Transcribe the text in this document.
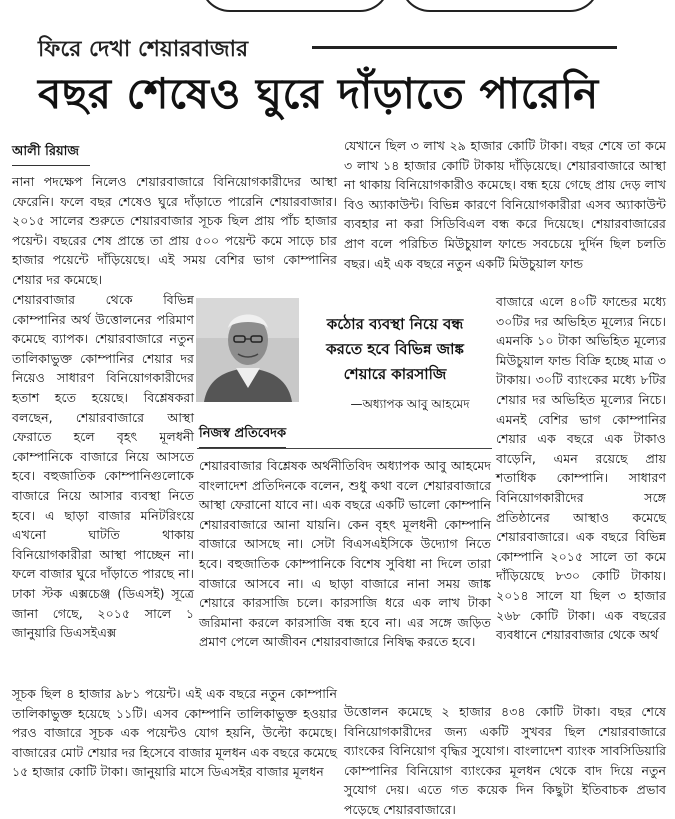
ফিরে দেখা শেয়ারবাজার
বছর শেষেও ঘুরে দাঁড়াতে পারেনি
আলী রিয়াজ
নানা পদক্ষেপ নিলেও শেয়ারবাজারে বিনিয়োগকারীদের আস্থা ফেরেনি। ফলে বছর শেষেও ঘুরে দাঁড়াতে পারেনি শেয়ারবাজার। ২০১৫ সালের শুরুতে শেয়ারবাজার সূচক ছিল প্রায় পাঁচ হাজার পয়েন্ট। বছরের শেষ প্রান্তে তা প্রায় ৫০০ পয়েন্ট কমে সাড়ে চার হাজার পয়েন্টে দাঁড়িয়েছে। এই সময় বেশির ভাগ কোম্পানির শেয়ার দর কমেছে।
শেয়ারবাজার থেকে বিভিন্ন কোম্পানির অর্থ উত্তোলনের পরিমাণ কমেছে ব্যাপক। শেয়ারবাজারে নতুন তালিকাভুক্ত কোম্পানির শেয়ার দর নিয়েও সাধারণ বিনিয়োগকারীদের হতাশ হতে হয়েছে। বিশ্লেষকরা বলছেন, শেয়ারবাজারে আস্থা ফেরাতে হলে বৃহৎ মূলধনী কোম্পানিকে বাজারে নিয়ে আসতে হবে। বহুজাতিক কোম্পানিগুলোকে বাজারে নিয়ে আসার ব্যবস্থা নিতে হবে। এ ছাড়া বাজার মনিটরিংয়ে এখনো ঘাটতি থাকায় বিনিয়োগকারীরা আস্থা পাচ্ছেন না। ফলে বাজার ঘুরে দাঁড়াতে পারছে না। ঢাকা স্টক এক্সচেঞ্জ (ডিএসই) সূত্রে জানা গেছে, ২০১৫ সালে ১ জানুয়ারি ডিএসইএক্স
সূচক ছিল ৪ হাজার ৯৮১ পয়েন্ট। এই এক বছরে নতুন কোম্পানি তালিকাভুক্ত হয়েছে ১১টি। এসব কোম্পানি তালিকাভুক্ত হওয়ার পরও বাজারে সূচক এক পয়েন্টও যোগ হয়নি, উল্টো কমেছে। বাজারের মোট শেয়ার দর হিসেবে বাজার মূলধন এক বছরে কমেছে ১৫ হাজার কোটি টাকা। জানুয়ারি মাসে ডিএসইর বাজার মূলধন
যেখানে ছিল ৩ লাখ ২৯ হাজার কোটি টাকা। বছর শেষে তা কমে ৩ লাখ ১৪ হাজার কোটি টাকায় দাঁড়িয়েছে। শেয়ারবাজারে আস্থা না থাকায় বিনিয়োগকারীও কমেছে। বন্ধ হয়ে গেছে প্রায় দেড় লাখ বিও অ্যাকাউন্ট। বিভিন্ন কারণে বিনিয়োগকারীরা এসব অ্যাকাউন্ট ব্যবহার না করা সিডিবিএল বন্ধ করে দিয়েছে। শেয়ারবাজারের প্রাণ বলে পরিচিত মিউচুয়াল ফান্ডে সবচেয়ে দুর্দিন ছিল চলতি বছর। এই এক বছরে নতুন একটি মিউচুয়াল ফান্ড
বাজারে এলে ৪০টি ফান্ডের মধ্যে ৩০টির দর অভিহিত মূল্যের নিচে। এমনকি ১০ টাকা অভিহিত মূল্যের মিউচুয়াল ফান্ড বিক্রি হচ্ছে মাত্র ৩ টাকায়। ৩০টি ব্যাংকের মধ্যে ৮টির শেয়ার দর অভিহিত মূল্যের নিচে। এমনই বেশির ভাগ কোম্পানির শেয়ার এক বছরে এক টাকাও বাড়েনি, এমন রয়েছে প্রায় শতাধিক কোম্পানি। সাধারণ বিনিয়োগকারীদের সঙ্গে প্রতিষ্ঠানের আস্থাও কমেছে শেয়ারবাজারে। এক বছরে বিভিন্ন কোম্পানি ২০১৫ সালে তা কমে দাঁড়িয়েছে ৮৩০ কোটি টাকায়। ২০১৪ সালে যা ছিল ৩ হাজার ২৬৮ কোটি টাকা। এক বছরের ব্যবধানে শেয়ারবাজার থেকে অর্থ
উত্তোলন কমেছে ২ হাজার ৪৩৪ কোটি টাকা। বছর শেষে বিনিয়োগকারীদের জন্য একটি সুখবর ছিল শেয়ারবাজারে ব্যাংকের বিনিয়োগ বৃদ্ধির সুযোগ। বাংলাদেশ ব্যাংক সাবসিডিয়ারি কোম্পানির বিনিয়োগ ব্যাংকের মূলধন থেকে বাদ দিয়ে নতুন সুযোগ দেয়। এতে গত কয়েক দিন কিছুটা ইতিবাচক প্রভাব পড়েছে শেয়ারবাজারে।
কঠোর ব্যবস্থা নিয়ে বন্ধ করতে হবে বিভিন্ন জাঙ্ক শেয়ারে কারসাজি
—অধ্যাপক আবু আহমেদ
নিজস্ব প্রতিবেদক
শেয়ারবাজার বিশ্লেষক অর্থনীতিবিদ অধ্যাপক আবু আহমেদ বাংলাদেশ প্রতিদিনকে বলেন, শুধু কথা বলে শেয়ারবাজারে আস্থা ফেরানো যাবে না। এক বছরে একটি ভালো কোম্পানি শেয়ারবাজারে আনা যায়নি। কেন বৃহৎ মূলধনী কোম্পানি বাজারে আসছে না। সেটা বিএসএইসিকে উদ্যোগ নিতে হবে। বহুজাতিক কোম্পানিকে বিশেষ সুবিধা না দিলে তারা বাজারে আসবে না। এ ছাড়া বাজারে নানা সময় জাঙ্ক শেয়ারে কারসাজি চলে। কারসাজি ধরে এক লাখ টাকা জরিমানা করলে কারসাজি বন্ধ হবে না। এর সঙ্গে জড়িত প্রমাণ পেলে আজীবন শেয়ারবাজারে নিষিদ্ধ করতে হবে।
